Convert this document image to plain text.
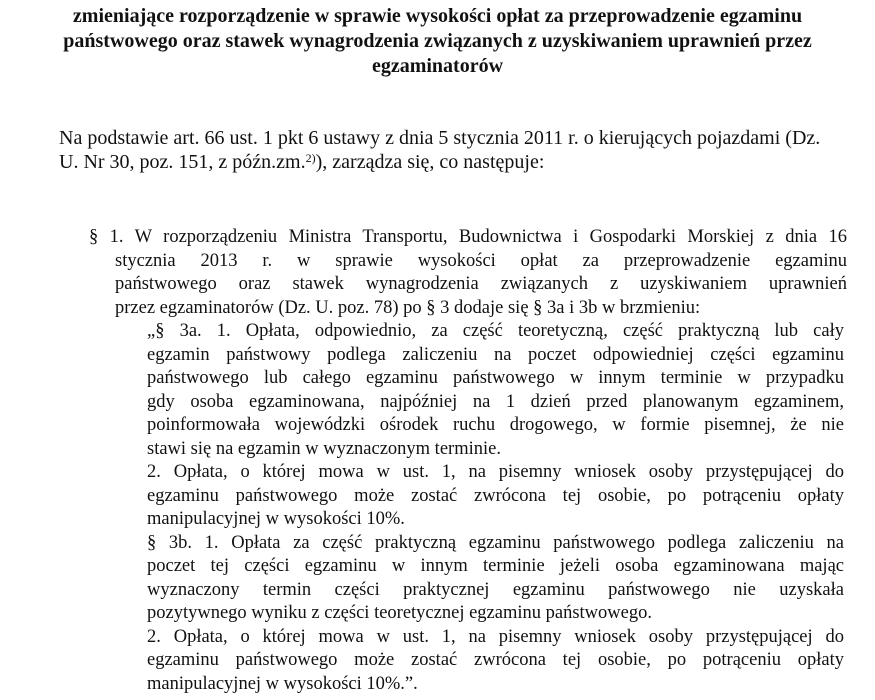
zmieniające rozporządzenie w sprawie wysokości opłat za przeprowadzenie egzaminu
państwowego oraz stawek wynagrodzenia związanych z uzyskiwaniem uprawnień przez
egzaminatorów
Na podstawie art. 66 ust. 1 pkt 6 ustawy z dnia 5 stycznia 2011 r. o kierujących pojazdami (Dz.
U. Nr 30, poz. 151, z późn.zm.$^{2)}$), zarządza się, co następuje:
§ 1. W rozporządzeniu Ministra Transportu, Budownictwa i Gospodarki Morskiej z dnia 16
stycznia 2013 r. w sprawie wysokości opłat za przeprowadzenie egzaminu
państwowego oraz stawek wynagrodzenia związanych z uzyskiwaniem uprawnień
przez egzaminatorów (Dz. U. poz. 78) po § 3 dodaje się § 3a i 3b w brzmieniu:
„§ 3a. 1. Opłata, odpowiednio, za część teoretyczną, część praktyczną lub cały
egzamin państwowy podlega zaliczeniu na poczet odpowiedniej części egzaminu
państwowego lub całego egzaminu państwowego w innym terminie w przypadku
gdy osoba egzaminowana, najpóźniej na 1 dzień przed planowanym egzaminem,
poinformowała wojewódzki ośrodek ruchu drogowego, w formie pisemnej, że nie
stawi się na egzamin w wyznaczonym terminie.
2. Opłata, o której mowa w ust. 1, na pisemny wniosek osoby przystępującej do
egzaminu państwowego może zostać zwrócona tej osobie, po potrąceniu opłaty
manipulacyjnej w wysokości 10%.
§ 3b. 1. Opłata za część praktyczną egzaminu państwowego podlega zaliczeniu na
poczet tej części egzaminu w innym terminie jeżeli osoba egzaminowana mając
wyznaczony termin części praktycznej egzaminu państwowego nie uzyskała
pozytywnego wyniku z części teoretycznej egzaminu państwowego.
2. Opłata, o której mowa w ust. 1, na pisemny wniosek osoby przystępującej do
egzaminu państwowego może zostać zwrócona tej osobie, po potrąceniu opłaty
manipulacyjnej w wysokości 10%.”.
